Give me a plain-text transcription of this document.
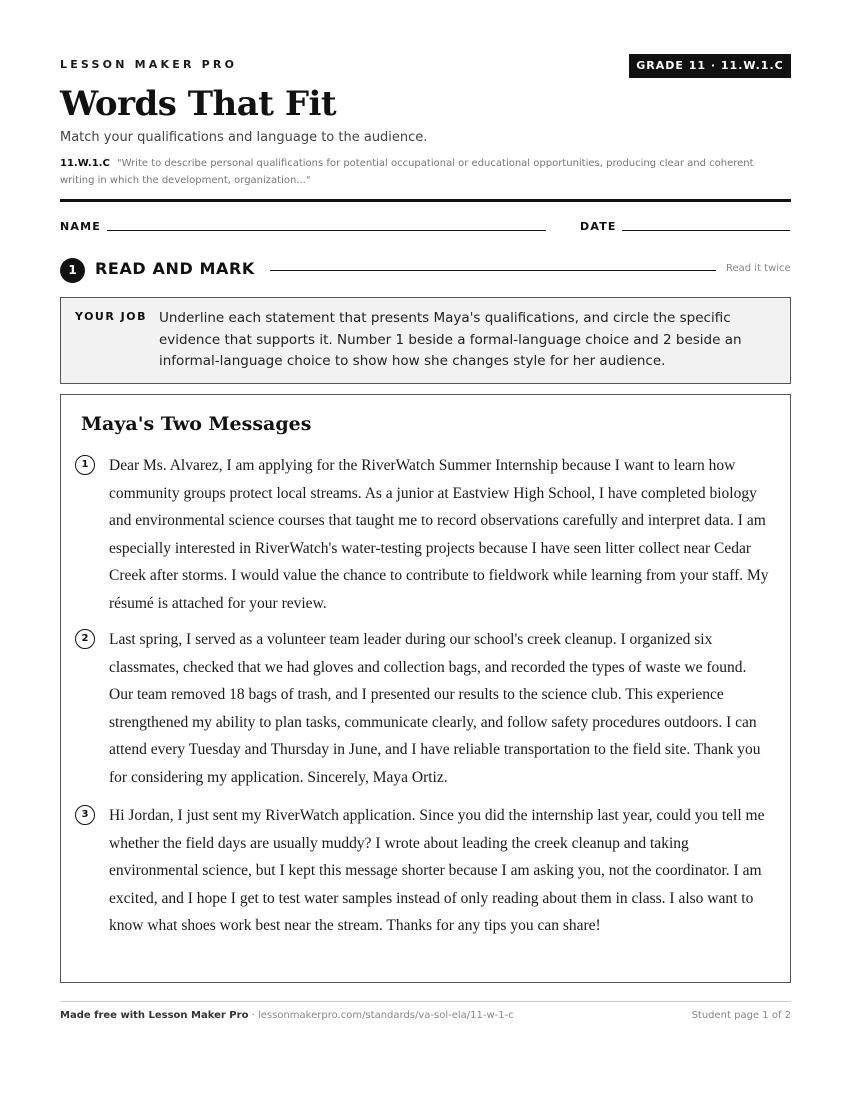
LESSON MAKER PRO	GRADE 11 · 11.W.1.C
Words That Fit
Match your qualifications and language to the audience.
11.W.1.C "Write to describe personal qualifications for potential occupational or educational opportunities, producing clear and coherent writing in which the development, organization..."
NAME	DATE
1	READ AND MARK	Read it twice
YOUR JOB Underline each statement that presents Maya's qualifications, and circle the specific evidence that supports it. Number 1 beside a formal-language choice and 2 beside an informal-language choice to show how she changes style for her audience.
Maya's Two Messages
1	Dear Ms. Alvarez, I am applying for the RiverWatch Summer Internship because I want to learn how community groups protect local streams. As a junior at Eastview High School, I have completed biology and environmental science courses that taught me to record observations carefully and interpret data. I am especially interested in RiverWatch's water-testing projects because I have seen litter collect near Cedar Creek after storms. I would value the chance to contribute to fieldwork while learning from your staff. My résumé is attached for your review.
2	Last spring, I served as a volunteer team leader during our school's creek cleanup. I organized six classmates, checked that we had gloves and collection bags, and recorded the types of waste we found. Our team removed 18 bags of trash, and I presented our results to the science club. This experience strengthened my ability to plan tasks, communicate clearly, and follow safety procedures outdoors. I can attend every Tuesday and Thursday in June, and I have reliable transportation to the field site. Thank you for considering my application. Sincerely, Maya Ortiz.
3	Hi Jordan, I just sent my RiverWatch application. Since you did the internship last year, could you tell me whether the field days are usually muddy? I wrote about leading the creek cleanup and taking environmental science, but I kept this message shorter because I am asking you, not the coordinator. I am excited, and I hope I get to test water samples instead of only reading about them in class. I also want to know what shoes work best near the stream. Thanks for any tips you can share!
Made free with Lesson Maker Pro · lessonmakerpro.com/standards/va-sol-ela/11-w-1-c	Student page 1 of 2
